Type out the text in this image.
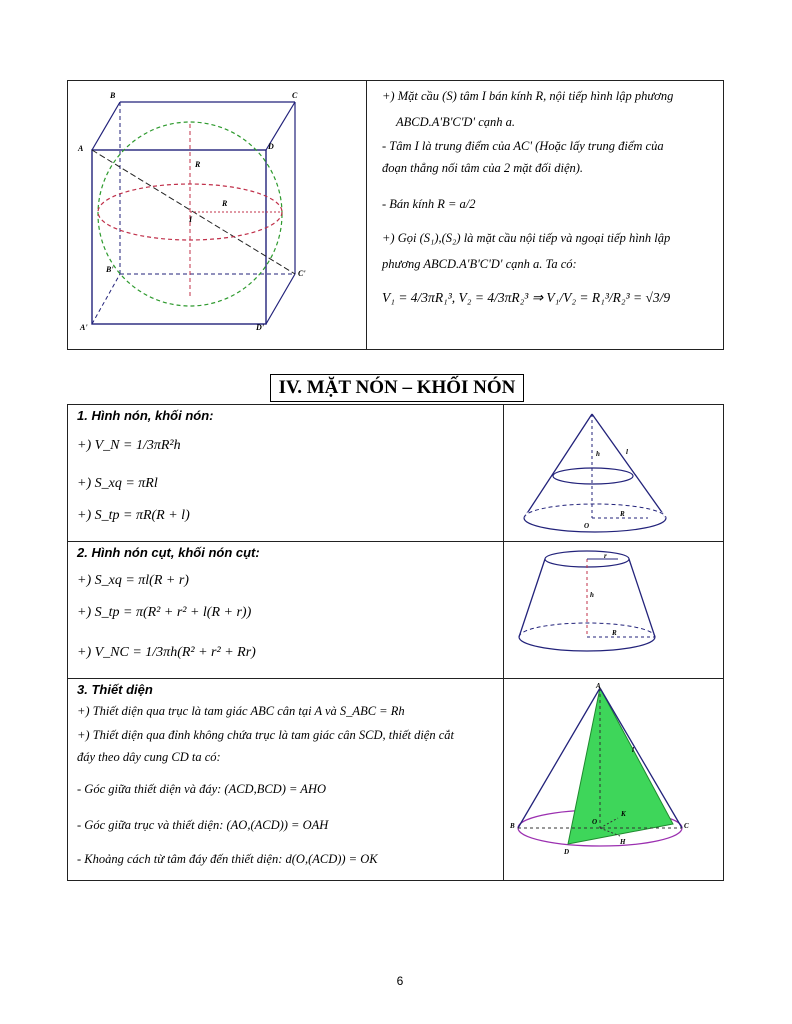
B	C
A	D
B'	C'
A'	D'
R
R
I
+) Mặt cầu (S) tâm I bán kính R, nội tiếp hình lập phương
ABCD.A'B'C'D' cạnh a.
- Tâm I là trung điểm của AC' (Hoặc lấy trung điểm của
đoạn thẳng nối tâm của 2 mặt đối diện).
- Bán kính R = a/2
+) Gọi (S₁),(S₂) là mặt cầu nội tiếp và ngoại tiếp hình lập
phương ABCD.A'B'C'D' cạnh a. Ta có:
V₁ = 4/3πR₁³, V₂ = 4/3πR₂³ ⇒ V₁/V₂ = R₁³/R₂³ = √3/9
IV. MẶT NÓN – KHỐI NÓN
1. Hình nón, khối nón:
+) V_N = 1/3πR²h
+) S_xq = πRl
+) S_tp = πR(R + l)
h	l
O
R
2. Hình nón cụt, khối nón cụt:
+) S_xq = πl(R + r)
+) S_tp = π(R² + r² + l(R + r))
+) V_NC = 1/3πh(R² + r² + Rr)
r
h
R
3. Thiết diện
+) Thiết diện qua trục là tam giác ABC cân tại A và S_ABC = Rh
+) Thiết diện qua đỉnh không chứa trục là tam giác cân SCD, thiết diện cắt
đáy theo dây cung CD ta có:
- Góc giữa thiết diện và đáy: (ACD,BCD) = AHO
- Góc giữa trục và thiết diện: (AO,(ACD)) = OAH
- Khoảng cách từ tâm đáy đến thiết diện: d(O,(ACD)) = OK
A
l
B	C
D
O
H
K
6
